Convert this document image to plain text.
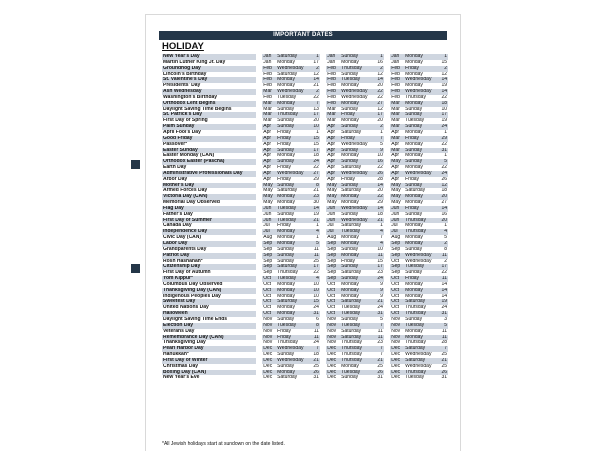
IMPORTANT DATES
HOLIDAY
New Year's Day		Jan	Saturday	1		Jan	Sunday	1		Jan	Monday	1
Martin Luther King Jr. Day		Jan	Monday	17		Jan	Monday	16		Jan	Monday	15
Groundhog Day		Feb	Wednesday	2		Feb	Thursday	2		Feb	Friday	2
Lincoln's Birthday		Feb	Saturday	12		Feb	Sunday	12		Feb	Monday	12
St. Valentine's Day		Feb	Monday	14		Feb	Tuesday	14		Feb	Wednesday	14
Presidents' Day		Feb	Monday	21		Feb	Monday	20		Feb	Monday	19
Ash Wednesday		Mar	Wednesday	2		Feb	Wednesday	22		Feb	Wednesday	14
Washington's Birthday		Feb	Tuesday	22		Feb	Wednesday	22		Feb	Thursday	22
Orthodox Lent Begins		Mar	Monday	7		Feb	Monday	27		Mar	Monday	18
Daylight Saving Time Begins		Mar	Sunday	13		Mar	Sunday	12		Mar	Sunday	10
St. Patrick's Day		Mar	Thursday	17		Mar	Friday	17		Mar	Sunday	17
First Day of Spring		Mar	Sunday	20		Mar	Monday	20		Mar	Tuesday	19
Palm Sunday		Apr	Sunday	10		Apr	Sunday	2		Mar	Sunday	24
April Fool's Day		Apr	Friday	1		Apr	Saturday	1		Apr	Monday	1
Good Friday		Apr	Friday	15		Apr	Friday	7		Mar	Friday	29
Passover*		Apr	Friday	15		Apr	Wednesday	5		Apr	Monday	22
Easter Sunday		Apr	Sunday	17		Apr	Sunday	9		Mar	Sunday	31
Easter Monday (CAN)		Apr	Monday	18		Apr	Monday	10		Apr	Monday	1
Orthodox Easter (Pascha)		Apr	Sunday	24		Apr	Sunday	16		May	Sunday	5
Earth Day		Apr	Friday	22		Apr	Saturday	22		Apr	Monday	22
Administrative Professionals Day		Apr	Wednesday	27		Apr	Wednesday	26		Apr	Wednesday	24
Arbor Day		Apr	Friday	29		Apr	Friday	28		Apr	Friday	26
Mother's Day		May	Sunday	8		May	Sunday	14		May	Sunday	12
Armed Forces Day		May	Saturday	21		May	Saturday	20		May	Saturday	18
Victoria Day (CAN)		May	Monday	23		May	Monday	22		May	Monday	20
Memorial Day Observed		May	Monday	30		May	Monday	29		May	Monday	27
Flag Day		Jun	Tuesday	14		Jun	Wednesday	14		Jun	Friday	14
Father's Day		Jun	Sunday	19		Jun	Sunday	18		Jun	Sunday	16
First Day of Summer		Jun	Tuesday	21		Jun	Wednesday	21		Jun	Thursday	20
Canada Day		Jul	Friday	1		Jul	Saturday	1		Jul	Monday	1
Independence Day		Jul	Monday	4		Jul	Tuesday	4		Jul	Thursday	4
Civic Day (CAN)		Aug	Monday	1		Aug	Monday	7		Aug	Monday	5
Labor Day		Sep	Monday	5		Sep	Monday	4		Sep	Monday	2
Grandparents Day		Sep	Sunday	11		Sep	Sunday	10		Sep	Sunday	8
Patriot Day		Sep	Sunday	11		Sep	Monday	11		Sep	Wednesday	11
Rosh Hashanah*		Sep	Sunday	25		Sep	Friday	15		Oct	Wednesday	2
Citizenship Day		Sep	Saturday	17		Sep	Sunday	17		Sep	Tuesday	17
First Day of Autumn		Sep	Thursday	22		Sep	Saturday	23		Sep	Sunday	22
Yom Kippur*		Oct	Tuesday	4		Sep	Sunday	24		Oct	Friday	11
Columbus Day Observed		Oct	Monday	10		Oct	Monday	9		Oct	Monday	14
Thanksgiving Day (CAN)		Oct	Monday	10		Oct	Monday	9		Oct	Monday	14
Indigenous Peoples Day		Oct	Monday	10		Oct	Monday	9		Oct	Monday	14
Sweetest Day		Oct	Saturday	15		Oct	Saturday	21		Oct	Saturday	19
United Nations Day		Oct	Monday	24		Oct	Tuesday	24		Oct	Thursday	24
Halloween		Oct	Monday	31		Oct	Tuesday	31		Oct	Thursday	31
Daylight Saving Time Ends		Nov	Sunday	6		Nov	Sunday	5		Nov	Sunday	3
Election Day		Nov	Tuesday	8		Nov	Tuesday	7		Nov	Tuesday	5
Veterans Day		Nov	Friday	11		Nov	Saturday	11		Nov	Monday	11
Remembrance Day (CAN)		Nov	Friday	11		Nov	Saturday	11		Nov	Monday	11
Thanksgiving Day		Nov	Thursday	24		Nov	Thursday	23		Nov	Thursday	28
Pearl Harbor Day		Dec	Wednesday	7		Dec	Thursday	7		Dec	Saturday	7
Hanukkah*		Dec	Sunday	18		Dec	Thursday	7		Dec	Wednesday	25
First Day of Winter		Dec	Wednesday	21		Dec	Thursday	21		Dec	Saturday	21
Christmas Day		Dec	Sunday	25		Dec	Monday	25		Dec	Wednesday	25
Boxing Day (CAN)		Dec	Monday	26		Dec	Tuesday	26		Dec	Thursday	26
New Year's Eve		Dec	Saturday	31		Dec	Sunday	31		Dec	Tuesday	31
*All Jewish holidays start at sundown on the date listed.
